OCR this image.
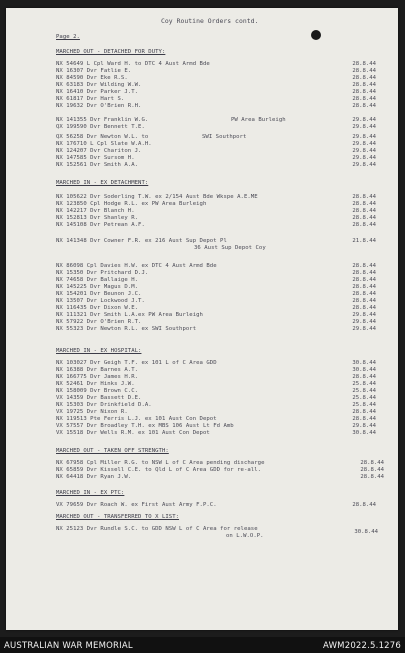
Coy Routine Orders contd.
Page 2.
MARCHED OUT - DETACHED FOR DUTY:
NX 54649 L Cpl Ward H. to DTC 4 Aust Armd Bde	28.8.44
NX 16307 Dvr Fatlie E.	28.8.44
NX 84590 Dvr Eke R.S.	28.8.44
NX 63183 Dvr Wilding W.W.	28.8.44
NX 16410 Dvr Parker J.T.	28.8.44
NX 61817 Dvr Hart S.	28.8.44
NX 19632 Dvr O'Brien R.H.	28.8.44
NX 141355 Dvr Franklin W.G.	PW Area Burleigh	29.8.44
QX 199590 Dvr Bennett T.E.	29.8.44
QX 56258 Dvr Newton W.L. to	SWI Southport	29.8.44
NX 176710 L Cpl Slate W.A.H.	29.8.44
NX 124207 Dvr Chariton J.	29.8.44
NX 147585 Dvr Sursom H.	29.8.44
NX 152561 Dvr Smith A.A.	29.8.44
MARCHED IN - EX DETACHMENT:
NX 105622 Dvr Soderling T.W. ex 2/154 Aust Bde Wkspe A.E.ME	28.8.44
NX 123850 Cpl Hodge R.L. ex PW Area Burleigh	28.8.44
NX 142217 Dvr Blanch H.	28.8.44
NX 152813 Dvr Shanley R.	28.8.44
NX 145108 Dvr Petrean A.F.	28.8.44
NX 141348 Dvr Cowner F.R. ex 216 Aust Sup Depot Pl	21.8.44
36 Aust Sup Depot Coy
NX 86098 Cpl Davies H.W. ex DTC 4 Aust Armd Bde	28.8.44
NX 15350 Dvr Pritchard D.J.	28.8.44
NX 74658 Dvr Ballaige H.	28.8.44
NX 145225 Dvr Magus D.M.	28.8.44
NX 154201 Dvr Beunon J.C.	28.8.44
NX 13507 Dvr Lockwood J.T.	28.8.44
NX 116435 Dvr Dixon W.E.	28.8.44
NX 111321 Dvr Smith L.A.ex PW Area Burleigh	29.8.44
NX 57922 Dvr O'Brien R.T.	29.8.44
NX 55323 Dvr Newton R.L. ex SWI Southport	29.8.44
MARCHED IN - EX HOSPITAL:
NX 103027 Dvr Geigh T.F. ex 101 L of C Area GDD	30.8.44
NX 16388 Dvr Barnes A.T.	30.8.44
NX 166775 Dvr James H.R.	28.8.44
NX 52461 Dvr Hinks J.W.	25.8.44
NX 158009 Dvr Brown C.C.	25.8.44
VX 14359 Dvr Bassett D.E.	25.8.44
NX 15303 Dvr Drinkfield D.A.	25.8.44
VX 19725 Dvr Nixon R.	28.8.44
NX 119513 Pte Ferris L.J. ex 101 Aust Con Depot	28.8.44
VX 57557 Dvr Broadley T.H. ex MBS 106 Aust Lt Fd Amb	29.8.44
VX 15518 Dvr Wells R.M. ex 101 Aust Con Depot	30.8.44
MARCHED OUT - TAKEN OFF STRENGTH:
NX 67958 Cpl Miller R.G. to NSW L of C Area pending discharge	28.8.44
NX 65859 Dvr Kissell C.E. to Qld L of C Area GDD for re-all.	28.8.44
NX 64418 Dvr Ryan J.W.	28.8.44
MARCHED IN - EX PTC:
VX 79659 Dvr Roach W. ex First Aust Army F.P.C.	28.8.44
MARCHED OUT - TRANSFERRED TO X LIST:
NX 25123 Dvr Rundle S.C. to GDD NSW L of C Area for release	30.8.44
on L.W.O.P.
AUSTRALIAN WAR MEMORIAL	AWM2022.5.1276
